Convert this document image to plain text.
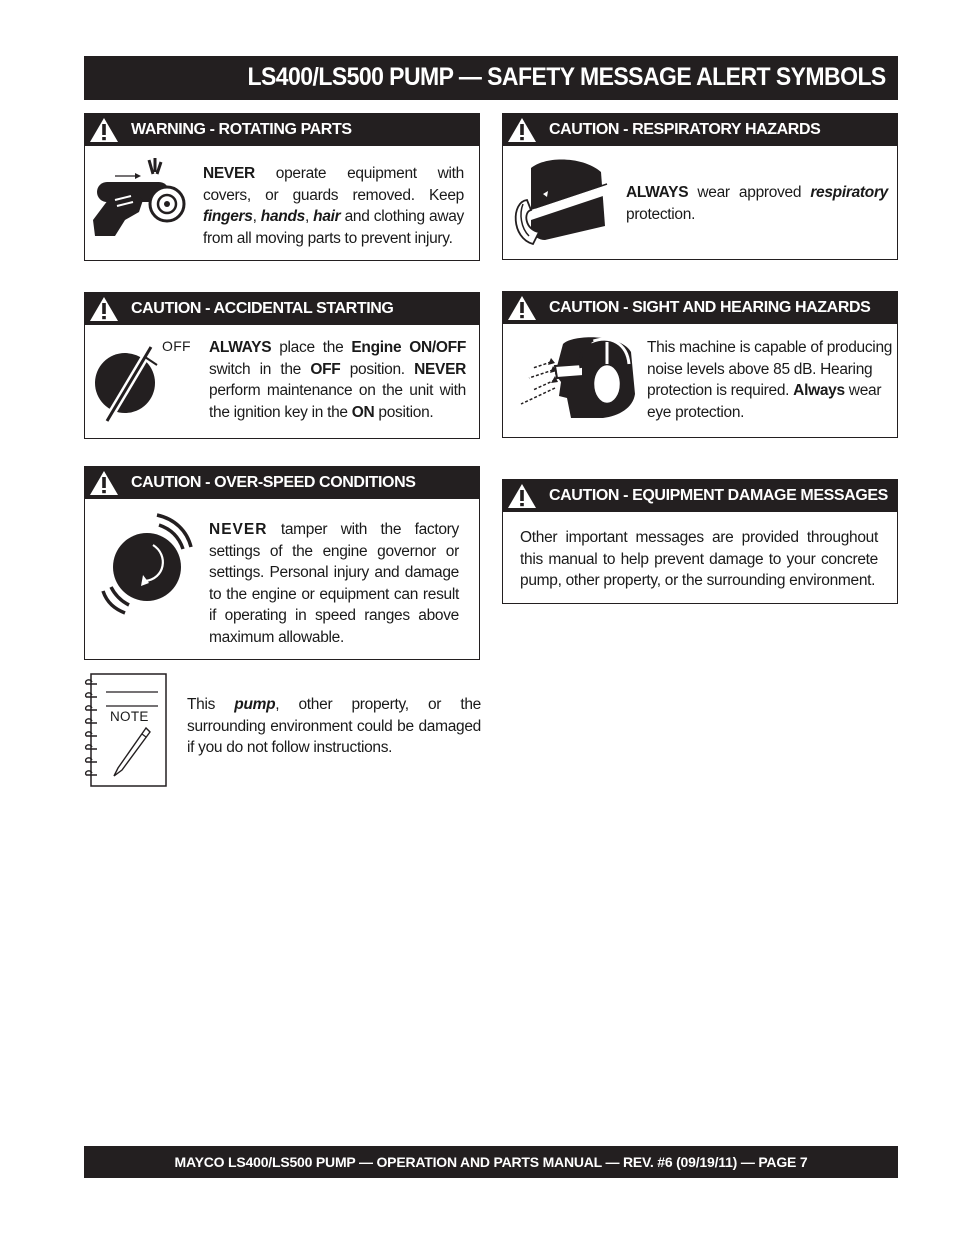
LS400/LS500 PUMP — SAFETY MESSAGE ALERT SYMBOLS
WARNING - ROTATING PARTS
NEVER operate equipment with covers, or guards removed. Keep fingers, hands, hair and clothing away from all moving parts to prevent injury.
CAUTION - RESPIRATORY HAZARDS
ALWAYS wear approved respiratory protection.
CAUTION - ACCIDENTAL STARTING
OFF ALWAYS place the Engine ON/OFF switch in the OFF position. NEVER perform maintenance on the unit with the ignition key in the ON position.
CAUTION - SIGHT AND HEARING HAZARDS
This machine is capable of producing noise levels above 85 dB. Hearing protection is required. Always wear eye protection.
CAUTION - OVER-SPEED CONDITIONS
NEVER tamper with the factory settings of the engine governor or settings. Personal injury and damage to the engine or equipment can result if operating in speed ranges above maximum allowable.
CAUTION - EQUIPMENT DAMAGE MESSAGES
Other important messages are provided throughout this manual to help prevent damage to your concrete pump, other property, or the surrounding environment.
NOTE
This pump, other property, or the surrounding environment could be damaged if you do not follow instructions.
MAYCO LS400/LS500 PUMP — OPERATION AND PARTS MANUAL — REV. #6 (09/19/11) — PAGE 7
